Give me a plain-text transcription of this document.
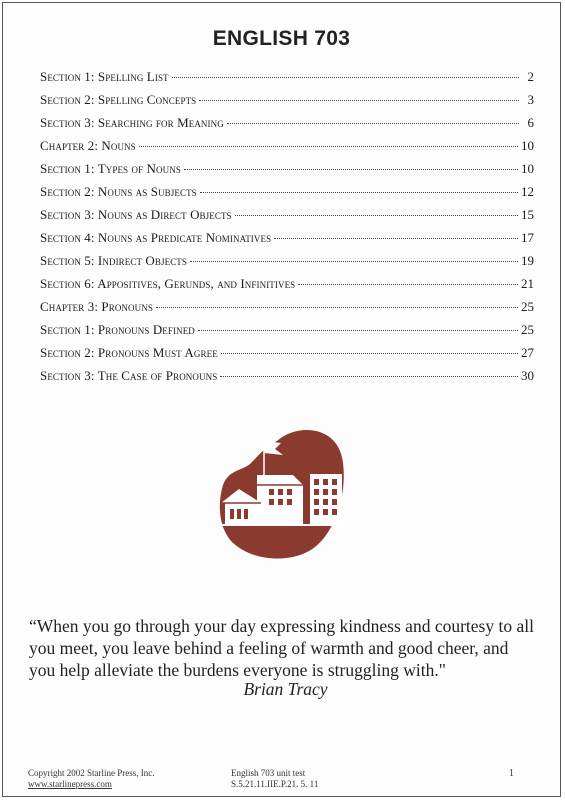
ENGLISH 703
Section 1: Spelling List	2
Section 2: Spelling Concepts	3
Section 3: Searching for Meaning	6
Chapter 2: Nouns	10
Section 1: Types of Nouns	10
Section 2: Nouns as Subjects	12
Section 3: Nouns as Direct Objects	15
Section 4: Nouns as Predicate Nominatives	17
Section 5: Indirect Objects	19
Section 6: Appositives, Gerunds, and Infinitives	21
Chapter 3: Pronouns	25
Section 1: Pronouns Defined	25
Section 2: Pronouns Must Agree	27
Section 3: The Case of Pronouns	30
“When you go through your day expressing kindness and courtesy to all you meet, you leave behind a feeling of warmth and good cheer, and you help alleviate the burdens everyone is struggling with."
Brian Tracy
Copyright 2002 Starline Press, Inc.
www.starlinepress.com
English 703 unit test
S.5.21.11.IIE.P.21. 5. 11
1
